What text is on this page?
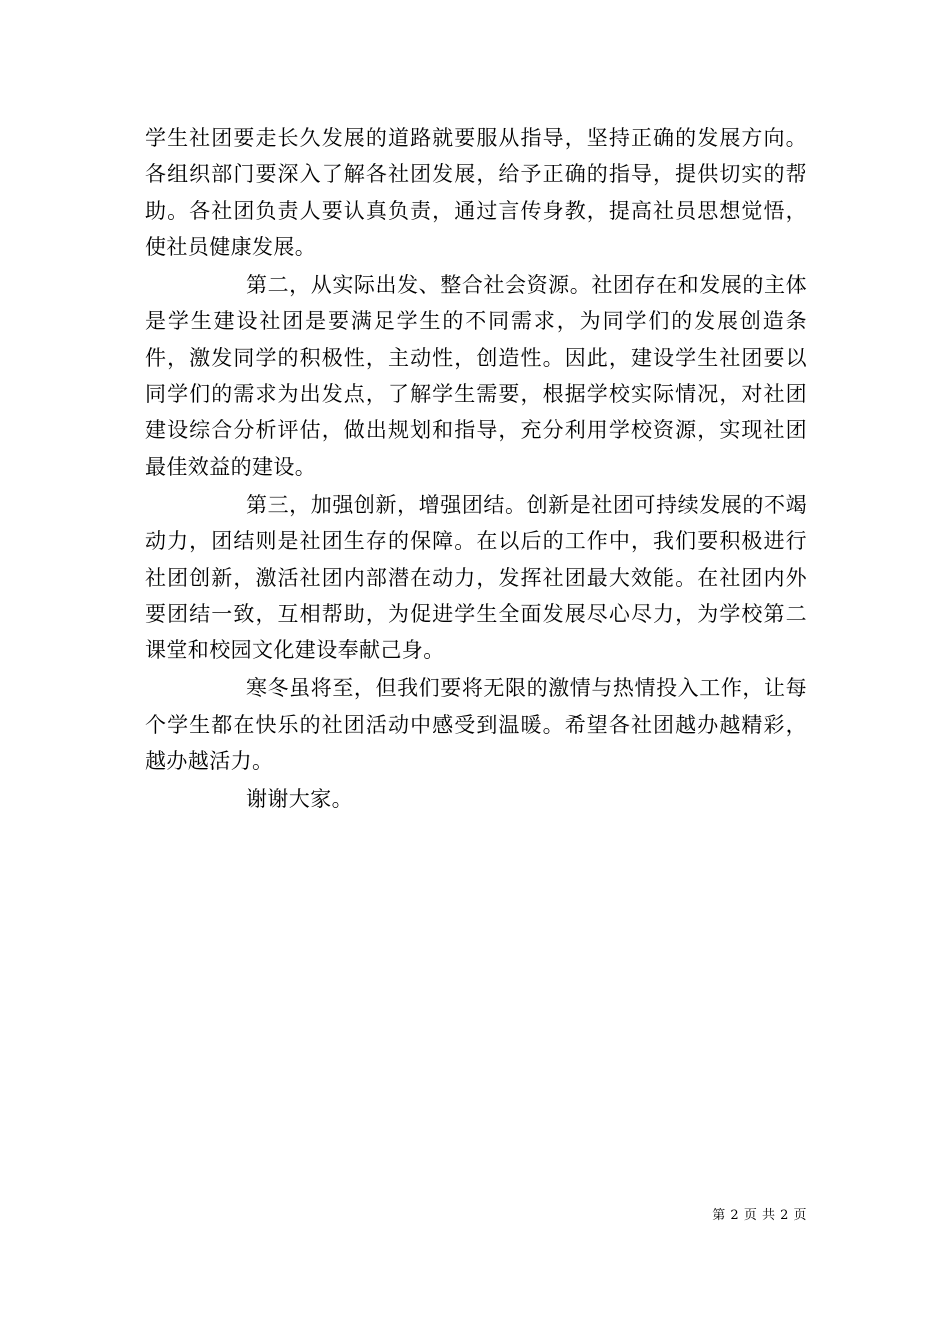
学生社团要走长久发展的道路就要服从指导，坚持正确的发展方向。各组织部门要深入了解各社团发展，给予正确的指导，提供切实的帮助。各社团负责人要认真负责，通过言传身教，提高社员思想觉悟，使社员健康发展。

第二，从实际出发、整合社会资源。社团存在和发展的主体是学生建设社团是要满足学生的不同需求，为同学们的发展创造条件，激发同学的积极性，主动性，创造性。因此，建设学生社团要以同学们的需求为出发点，了解学生需要，根据学校实际情况，对社团建设综合分析评估，做出规划和指导，充分利用学校资源，实现社团最佳效益的建设。

第三，加强创新，增强团结。创新是社团可持续发展的不竭动力，团结则是社团生存的保障。在以后的工作中，我们要积极进行社团创新，激活社团内部潜在动力，发挥社团最大效能。在社团内外要团结一致，互相帮助，为促进学生全面发展尽心尽力，为学校第二课堂和校园文化建设奉献己身。

寒冬虽将至，但我们要将无限的激情与热情投入工作，让每个学生都在快乐的社团活动中感受到温暖。希望各社团越办越精彩，越办越活力。

谢谢大家。

第 2 页 共 2 页
